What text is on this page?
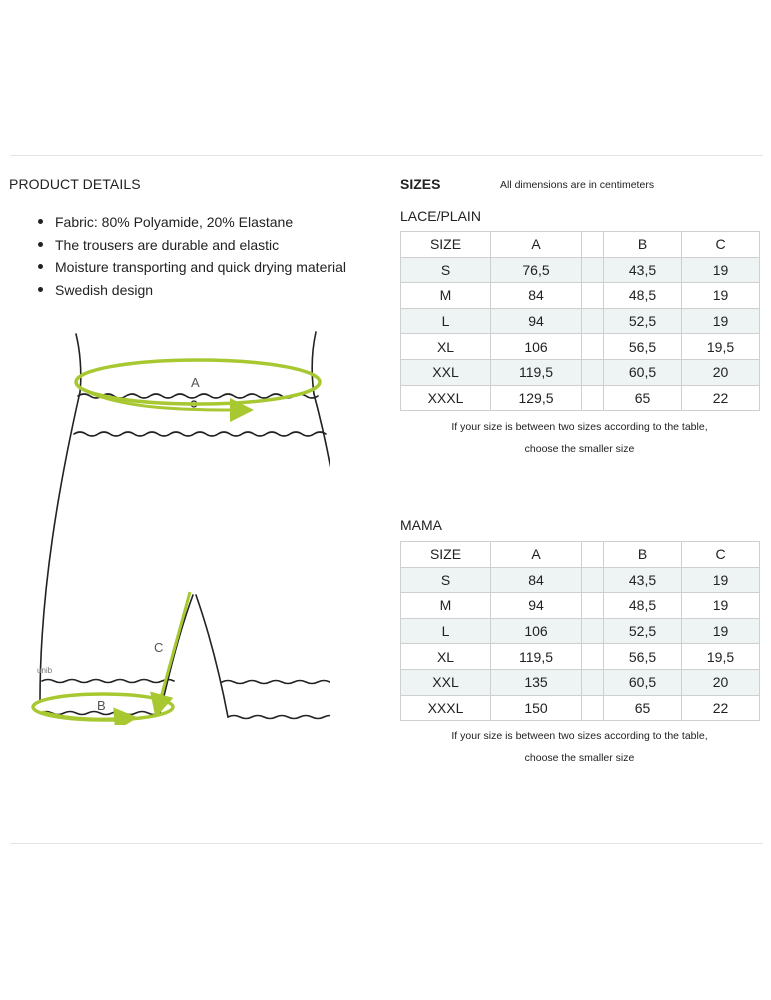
PRODUCT DETAILS
Fabric: 80% Polyamide, 20% Elastane
The trousers are durable and elastic
Moisture transporting and quick drying material
Swedish design
A
B
C
unib
SIZES	All dimensions are in centimeters
LACE/PLAIN
SIZE	A		B	C
S	76,5		43,5	19
M	84		48,5	19
L	94		52,5	19
XL	106		56,5	19,5
XXL	119,5		60,5	20
XXXL	129,5		65	22
If your size is between two sizes according to the table,
choose the smaller size
MAMA
SIZE	A		B	C
S	84		43,5	19
M	94		48,5	19
L	106		52,5	19
XL	119,5		56,5	19,5
XXL	135		60,5	20
XXXL	150		65	22
If your size is between two sizes according to the table,
choose the smaller size
